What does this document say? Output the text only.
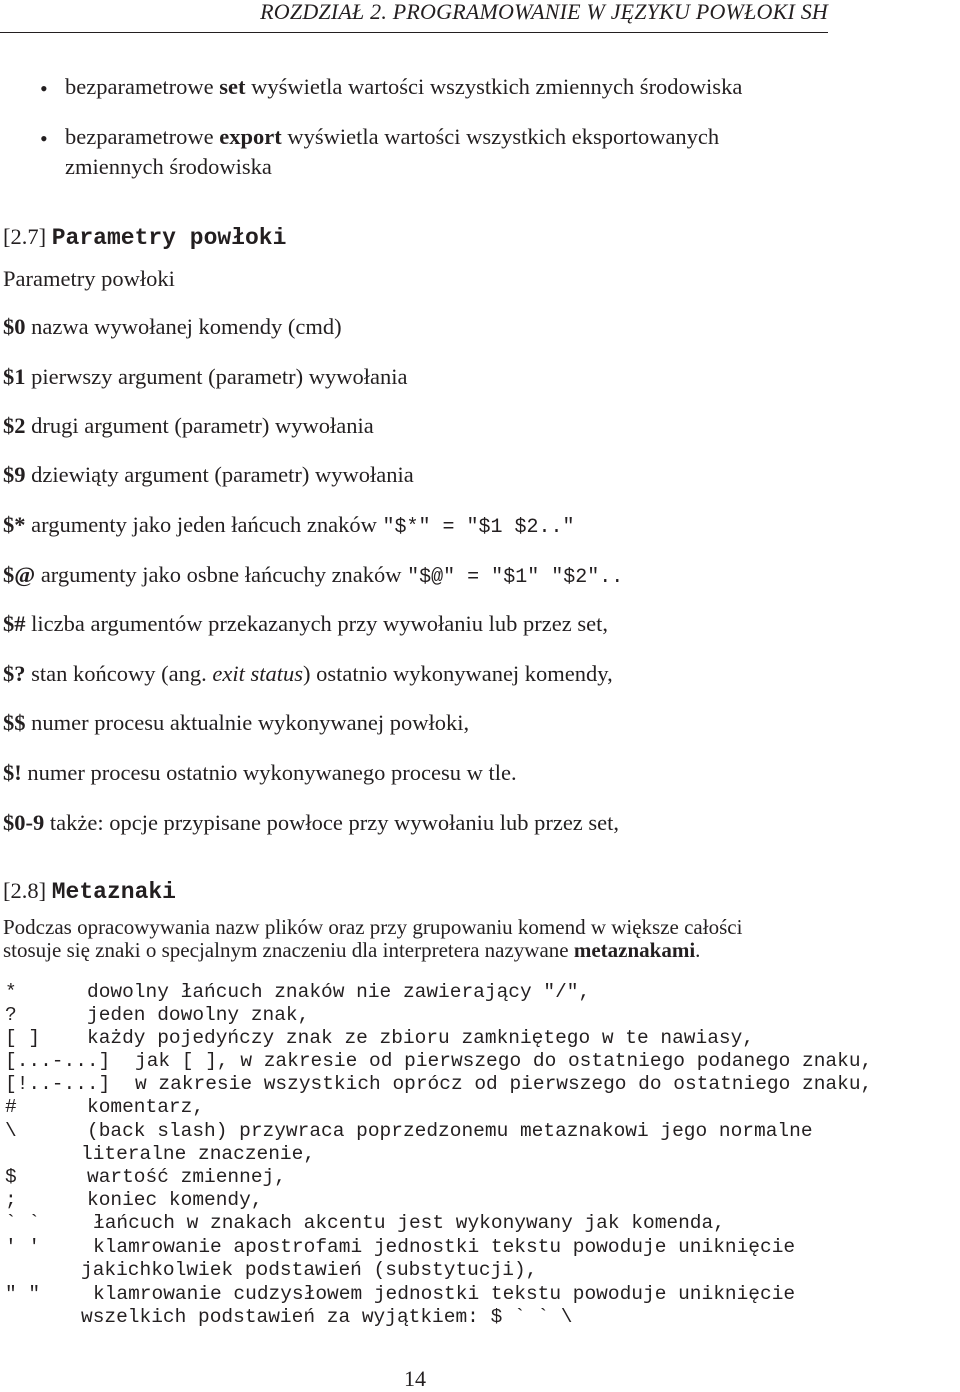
ROZDZIAŁ 2. PROGRAMOWANIE W JĘZYKU POWŁOKI SH
• bezparametrowe set wyświetla wartości wszystkich zmiennych środowiska
• bezparametrowe export wyświetla wartości wszystkich eksportowanych
zmiennych środowiska
[2.7] Parametry powłoki
Parametry powłoki
$0 nazwa wywołanej komendy (cmd)
$1 pierwszy argument (parametr) wywołania
$2 drugi argument (parametr) wywołania
$9 dziewiąty argument (parametr) wywołania
$* argumenty jako jeden łańcuch znaków "$*" = "$1 $2.."
$@ argumenty jako osbne łańcuchy znaków "$@" = "$1" "$2"..
$# liczba argumentów przekazanych przy wywołaniu lub przez set,
$? stan końcowy (ang. exit status) ostatnio wykonywanej komendy,
$$ numer procesu aktualnie wykonywanej powłoki,
$! numer procesu ostatnio wykonywanego procesu w tle.
$0-9 także: opcje przypisane powłoce przy wywołaniu lub przez set,
[2.8] Metaznaki
Podczas opracowywania nazw plików oraz przy grupowaniu komend w większe całości
stosuje się znaki o specjalnym znaczeniu dla interpretera nazywane metaznakami.
*	dowolny łańcuch znaków nie zawierający "/",
?	jeden dowolny znak,
[ ] każdy pojedyńczy znak ze zbioru zamkniętego w te nawiasy,
[...-...] jak [ ], w zakresie od pierwszego do ostatniego podanego znaku,
[!..-...] w zakresie wszystkich oprócz od pierwszego do ostatniego znaku,
#	komentarz,
\	(back slash) przywraca poprzedzonemu metaznakowi jego normalne
literalne znaczenie,
$	wartość zmiennej,
;	koniec komendy,
` `	łańcuch w znakach akcentu jest wykonywany jak komenda,
' '	klamrowanie apostrofami jednostki tekstu powoduje uniknięcie
jakichkolwiek podstawień (substytucji),
" "	klamrowanie cudzysłowem jednostki tekstu powoduje uniknięcie
wszelkich podstawień za wyjątkiem: $ ` ` \
14
